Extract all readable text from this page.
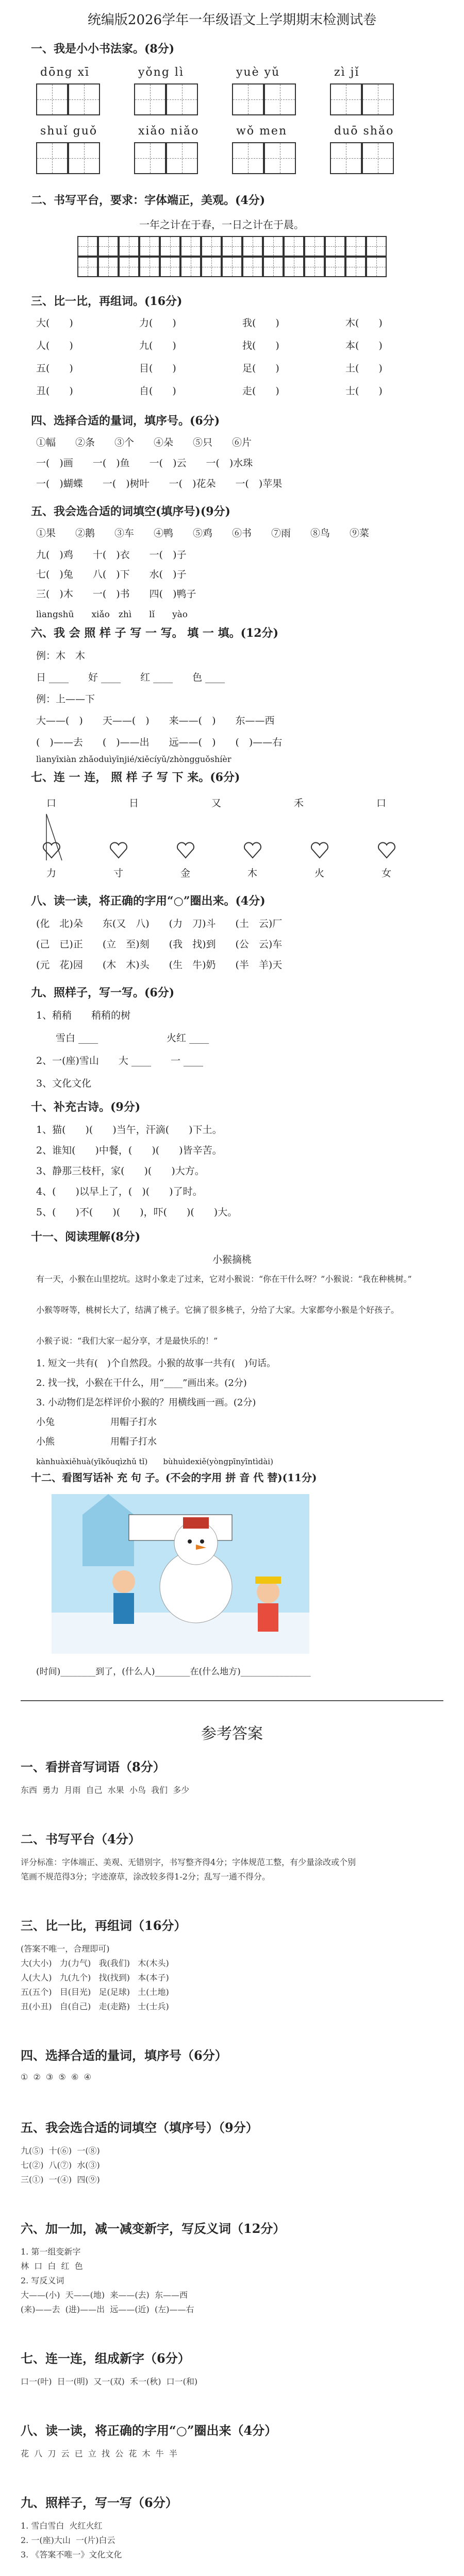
统编版2026学年一年级语文上学期期末检测试卷
一、我是小小书法家。(8分)
dōng xī	yǒng lì	yuè yǔ	zì jǐ
shuǐ guǒ	xiǎo niǎo	wǒ men	duō shǎo
二、书写平台，要求：字体端正，美观。(4分)
一年之计在于春，一日之计在于晨。
三、比一比，再组词。(16分)
大(　　)	力(　　)	我(　　)	木(　　)
人(　　)	九(　　)	找(　　)	本(　　)
五(　　)	目(　　)	足(　　)	土(　　)
丑(　　)	自(　　)	走(　　)	士(　　)
四、选择合适的量词，填序号。(6分)
①幅　　②条　　③个　　④朵　　⑤只　　⑥片
一(　)画　　一(　)鱼　　一(　)云　　一(　)水珠
一(　)蝴蝶　　一(　)树叶　　一(　)花朵　　一(　)苹果
五、我会选合适的词填空(填序号)(9分)
①果　　②鹅　　③车　　④鸭　　⑤鸡　　⑥书　　⑦雨　　⑧鸟　　⑨菜
九(　)鸡　　十(　)衣　　一(　)子
七(　)兔　　八(　)下　　水(　)子
三(　)木　　一(　)书　　四(　)鸭子
lìangshū　　xiǎo　zhì　　lǐ　　yào
六、我 会 照 样 子 写 一 写。 填 一 填。(12分)
例：木　木
日 ____　　好 ____　　红 ____　　色 ____
例：上——下
大——(　)　　天——(　)　　来——(　)　　东——西
(　)——去　　(　)——出　　远——(　)　　(　)——右
lìanyīxiàn zhǎoduìyīnjié/xiěcíyǔ/zhòngguǒshíèr
七、连 一 连， 照 样 子 写 下 来。(6分)
口	日	又	禾	口
力	寸	金	木	火	女
八、读一读，将正确的字用“○”圈出来。(4分)
(化　北)朵　　东(又　八)　　(力　刀)斗　　(土　云)厂
(己　已)正　　(立　至)刻　　(我　找)到　　(公　云)车
(元　花)园　　(木　木)头　　(生　牛)奶　　(半　羊)天
九、照样子，写一写。(6分)
1、稍稍　　稍稍的树
　　雪白 ____　　　　　　　火红 ____
2、一(座)雪山　　大 ____　　一 ____
3、文化文化
十、补充古诗。(9分)
1、猫(　　)(　　)当午，汗滴(　　)下土。
2、谁知(　　)中餐，(　　)(　　)皆辛苦。
3、静那三枝杆，家(　　)(　　)大方。
4、(　　)以早上了，(　)(　　)了时。
5、(　　)不(　　)(　　)，吓(　　)(　　)大。
十一、阅读理解(8分)
小猴摘桃
有一天，小猴在山里挖坑。这时小象走了过来，它对小猴说：“你在干什么呀？”小猴说：“我在种桃树。”
小猴等呀等，桃树长大了，结满了桃子。它摘了很多桃子，分给了大家。大家都夸小猴是个好孩子。
小猴子说：“我们大家一起分享，才是最快乐的！”
1. 短文一共有(　)个自然段。小猴的故事一共有(　)句话。
2. 找一找，小猴在干什么，用“____”画出来。(2分)
3. 小动物们是怎样评价小猴的？用横线画一画。(2分)
小兔　　　　　　用帽子打水
小熊　　　　　　用帽子打水
kànhuàxiěhuà(yīkǒuqìzhǔ tǐ)　　bùhuìdexiě(yòngpīnyīntìdài)
十二、看图写话补 充 句 子。(不会的字用 拼 音 代 替)(11分)
(时间)________到了，(什么人)________在(什么地方)________________
参考答案
一、看拼音写词语（8分）
东西  勇力  月雨  自己  水果  小鸟  我们  多少
二、书写平台（4分）
评分标准：字体端正、美观、无错别字，书写整齐得4分；字体规范工整，有少量涂改或个别
笔画不规范得3分；字迹潦草，涂改较多得1-2分；乱写一通不得分。
三、比一比，再组词（16分）
(答案不唯一，合理即可)
大(大小)   力(力气)   我(我们)   木(木头)
人(大人)   九(九个)   找(找到)   本(本子)
五(五个)   目(目光)   足(足球)   土(土地)
丑(小丑)   自(自己)   走(走路)   士(士兵)
四、选择合适的量词，填序号（6分）
①  ②  ③  ⑤  ⑥  ④
五、我会选合适的词填空（填序号）（9分）
九(⑤)  十(⑥)  一(⑧)
七(②)  八(⑦)  水(③)
三(①)  一(④)  四(⑨)
六、加一加，减一减变新字，写反义词（12分）
1. 第一组变新字
林  口  白  红  色
2. 写反义词
大——(小)  天——(地)  来——(去)  东——西
(来)——去  (进)——出  远——(近)  (左)——右
七、连一连，组成新字（6分）
口一(叶)  日一(明)  又一(双)  禾一(秋)  口一(和)
八、读一读，将正确的字用“○”圈出来（4分）
花  八  刀  云  已  立  找  公  花  木  牛  半
九、照样子，写一写（6分）
1. 雪白雪白  火红火红
2. 一(座)大山  一(片)白云
3. 《答案不唯一》文化文化
